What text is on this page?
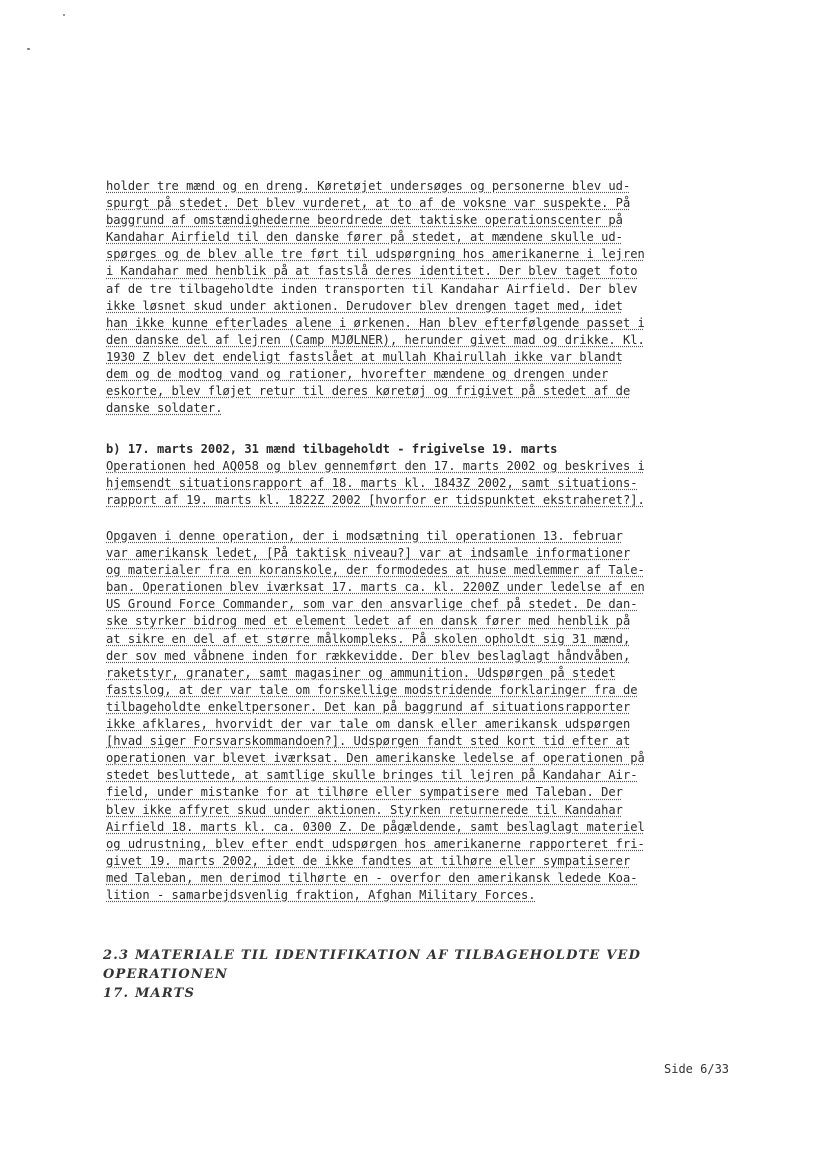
holder tre mænd og en dreng. Køretøjet undersøges og personerne blev ud-
spurgt på stedet. Det blev vurderet, at to af de voksne var suspekte. På
baggrund af omstændighederne beordrede det taktiske operationscenter på
Kandahar Airfield til den danske fører på stedet, at mændene skulle ud-
spørges og de blev alle tre ført til udspørgning hos amerikanerne i lejren
i Kandahar med henblik på at fastslå deres identitet. Der blev taget foto
af de tre tilbageholdte inden transporten til Kandahar Airfield. Der blev
ikke løsnet skud under aktionen. Derudover blev drengen taget med, idet
han ikke kunne efterlades alene i ørkenen. Han blev efterfølgende passet i
den danske del af lejren (Camp MJØLNER), herunder givet mad og drikke. Kl.
1930 Z blev det endeligt fastslået at mullah Khairullah ikke var blandt
dem og de modtog vand og rationer, hvorefter mændene og drengen under
eskorte, blev fløjet retur til deres køretøj og frigivet på stedet af de
danske soldater.
b) 17. marts 2002, 31 mænd tilbageholdt - frigivelse 19. marts
Operationen hed AQ058 og blev gennemført den 17. marts 2002 og beskrives i
hjemsendt situationsrapport af 18. marts kl. 1843Z 2002, samt situations-
rapport af 19. marts kl. 1822Z 2002 [hvorfor er tidspunktet ekstraheret?].
Opgaven i denne operation, der i modsætning til operationen 13. februar
var amerikansk ledet, [På taktisk niveau?] var at indsamle informationer
og materialer fra en koranskole, der formodedes at huse medlemmer af Tale-
ban. Operationen blev iværksat 17. marts ca. kl. 2200Z under ledelse af en
US Ground Force Commander, som var den ansvarlige chef på stedet. De dan-
ske styrker bidrog med et element ledet af en dansk fører med henblik på
at sikre en del af et større målkompleks. På skolen opholdt sig 31 mænd,
der sov med våbnene inden for rækkevidde. Der blev beslaglagt håndvåben,
raketstyr, granater, samt magasiner og ammunition. Udspørgen på stedet
fastslog, at der var tale om forskellige modstridende forklaringer fra de
tilbageholdte enkeltpersoner. Det kan på baggrund af situationsrapporter
ikke afklares, hvorvidt der var tale om dansk eller amerikansk udspørgen
[hvad siger Forsvarskommandoen?]. Udspørgen fandt sted kort tid efter at
operationen var blevet iværksat. Den amerikanske ledelse af operationen på
stedet besluttede, at samtlige skulle bringes til lejren på Kandahar Air-
field, under mistanke for at tilhøre eller sympatisere med Taleban. Der
blev ikke affyret skud under aktionen. Styrken returnerede til Kandahar
Airfield 18. marts kl. ca. 0300 Z. De pågældende, samt beslaglagt materiel
og udrustning, blev efter endt udspørgen hos amerikanerne rapporteret fri-
givet 19. marts 2002, idet de ikke fandtes at tilhøre eller sympatiserer
med Taleban, men derimod tilhørte en - overfor den amerikansk ledede Koa-
lition - samarbejdsvenlig fraktion, Afghan Military Forces.
2.3 MATERIALE TIL IDENTIFIKATION AF TILBAGEHOLDTE VED OPERATIONEN
17. MARTS
Side 6/33
